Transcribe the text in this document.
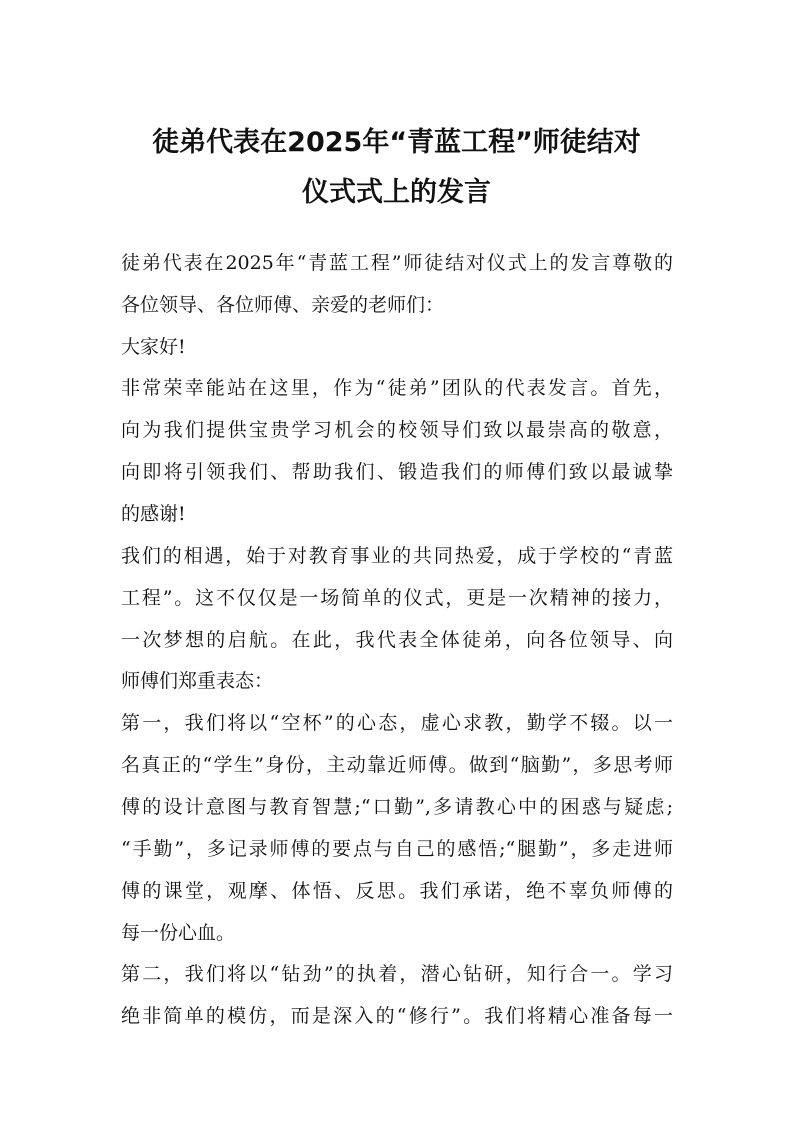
徒弟代表在2025年“青蓝工程”师徒结对
仪式式上的发言

徒弟代表在2025年“青蓝工程”师徒结对仪式上的发言尊敬的

各位领导、各位师傅、亲爱的老师们：

大家好!

非常荣幸能站在这里，作为“徒弟”团队的代表发言。首先，

向为我们提供宝贵学习机会的校领导们致以最崇高的敬意，

向即将引领我们、帮助我们、锻造我们的师傅们致以最诚挚

的感谢!

我们的相遇，始于对教育事业的共同热爱，成于学校的“青蓝

工程”。这不仅仅是一场简单的仪式，更是一次精神的接力，

一次梦想的启航。在此，我代表全体徒弟，向各位领导、向

师傅们郑重表态：

第一，我们将以“空杯”的心态，虚心求教，勤学不辍。以一

名真正的“学生”身份，主动靠近师傅。做到“脑勤”，多思考师

傅的设计意图与教育智慧;“口勤”,多请教心中的困惑与疑虑;

“手勤”，多记录师傅的要点与自己的感悟;“腿勤”，多走进师

傅的课堂，观摩、体悟、反思。我们承诺，绝不辜负师傅的

每一份心血。

第二，我们将以“钻劲”的执着，潜心钻研，知行合一。学习

绝非简单的模仿，而是深入的“修行”。我们将精心准备每一
